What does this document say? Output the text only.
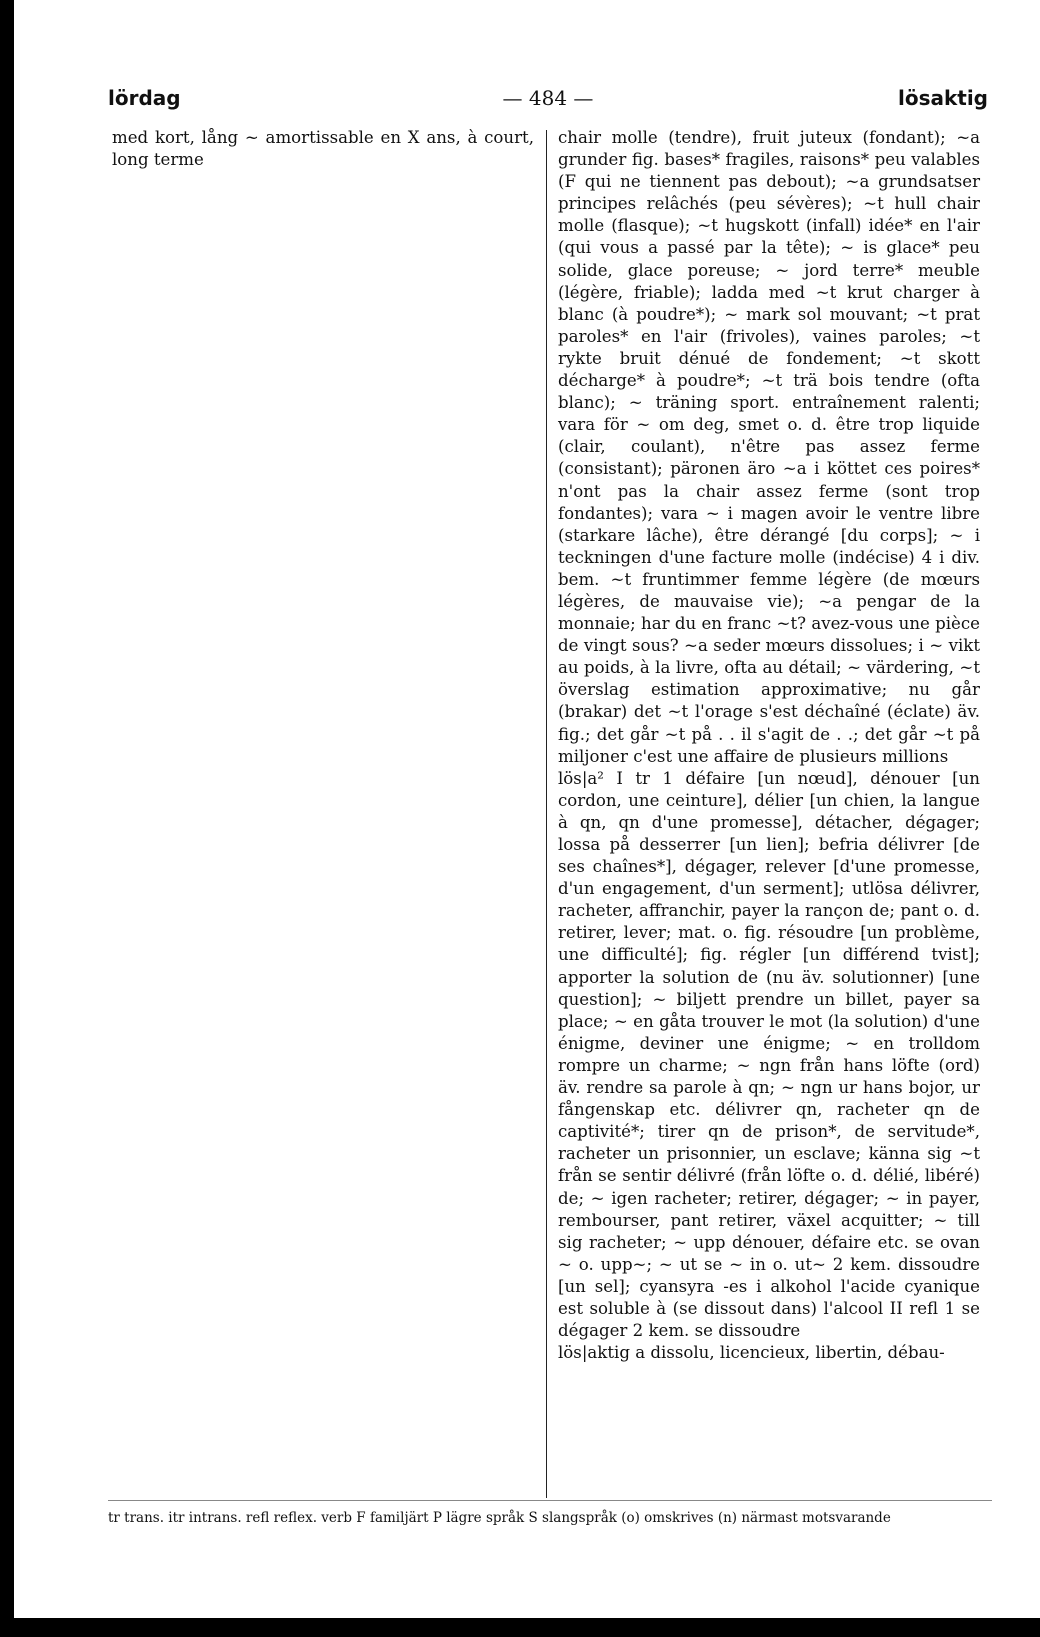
lördag	— 484 —	lösaktig

med kort, lång ~ amortissable en X ans, à court, long terme

chair molle (tendre), fruit juteux (fondant); ~a grunder fig. bases* fragiles, raisons* peu valables (F qui ne tiennent pas debout); ~a grundsatser principes relâchés (peu sévères); ~t hull chair molle (flasque); ~t hugskott (infall) idée* en l'air (qui vous a passé par la tête); ~ is glace* peu solide, glace poreuse; ~ jord terre* meuble (légère, friable); ladda med ~t krut charger à blanc (à poudre*); ~ mark sol mouvant; ~t prat paroles* en l'air (frivoles), vaines paroles; ~t rykte bruit dénué de fondement; ~t skott décharge* à poudre*; ~t trä bois tendre (ofta blanc); ~ träning sport. entraînement ralenti; vara för ~ om deg, smet o. d. être trop liquide (clair, coulant), n'être pas assez ferme (consistant); päronen äro ~a i köttet ces poires* n'ont pas la chair assez ferme (sont trop fondantes); vara ~ i magen avoir le ventre libre (starkare lâche), être dérangé [du corps]; ~ i teckningen d'une facture molle (indécise) 4 i div. bem. ~t fruntimmer femme légère (de mœurs légères, de mauvaise vie); ~a pengar de la monnaie; har du en franc ~t? avez-vous une pièce de vingt sous? ~a seder mœurs dissolues; i ~ vikt au poids, à la livre, ofta au détail; ~ värdering, ~t överslag estimation approximative; nu går (brakar) det ~t l'orage s'est déchaîné (éclate) äv. fig.; det går ~t på . . il s'agit de . .; det går ~t på miljoner c'est une affaire de plusieurs millions

lös|a² I tr 1 défaire [un nœud], dénouer [un cordon, une ceinture], délier [un chien, la langue à qn, qn d'une promesse], détacher, dégager; lossa på desserrer [un lien]; befria délivrer [de ses chaînes*], dégager, relever [d'une promesse, d'un engagement, d'un serment]; utlösa délivrer, racheter, affranchir, payer la rançon de; pant o. d. retirer, lever; mat. o. fig. résoudre [un problème, une difficulté]; fig. régler [un différend tvist]; apporter la solution de (nu äv. solutionner) [une question]; ~ biljett prendre un billet, payer sa place; ~ en gåta trouver le mot (la solution) d'une énigme, deviner une énigme; ~ en trolldom rompre un charme; ~ ngn från hans löfte (ord) äv. rendre sa parole à qn; ~ ngn ur hans bojor, ur fångenskap etc. délivrer qn, racheter qn de captivité*; tirer qn de prison*, de servitude*, racheter un prisonnier, un esclave; känna sig ~t från se sentir délivré (från löfte o. d. délié, libéré) de; ~ igen racheter; retirer, dégager; ~ in payer, rembourser, pant retirer, växel acquitter; ~ till sig racheter; ~ upp dénouer, défaire etc. se ovan ~ o. upp~; ~ ut se ~ in o. ut~ 2 kem. dissoudre [un sel]; cyansyra -es i alkohol l'acide cyanique est soluble à (se dissout dans) l'alcool II refl 1 se dégager 2 kem. se dissoudre

lös|aktig a dissolu, licencieux, libertin, débau-

tr trans. itr intrans. refl reflex. verb F familjärt P lägre språk S slangspråk (o) omskrives (n) närmast motsvarande
